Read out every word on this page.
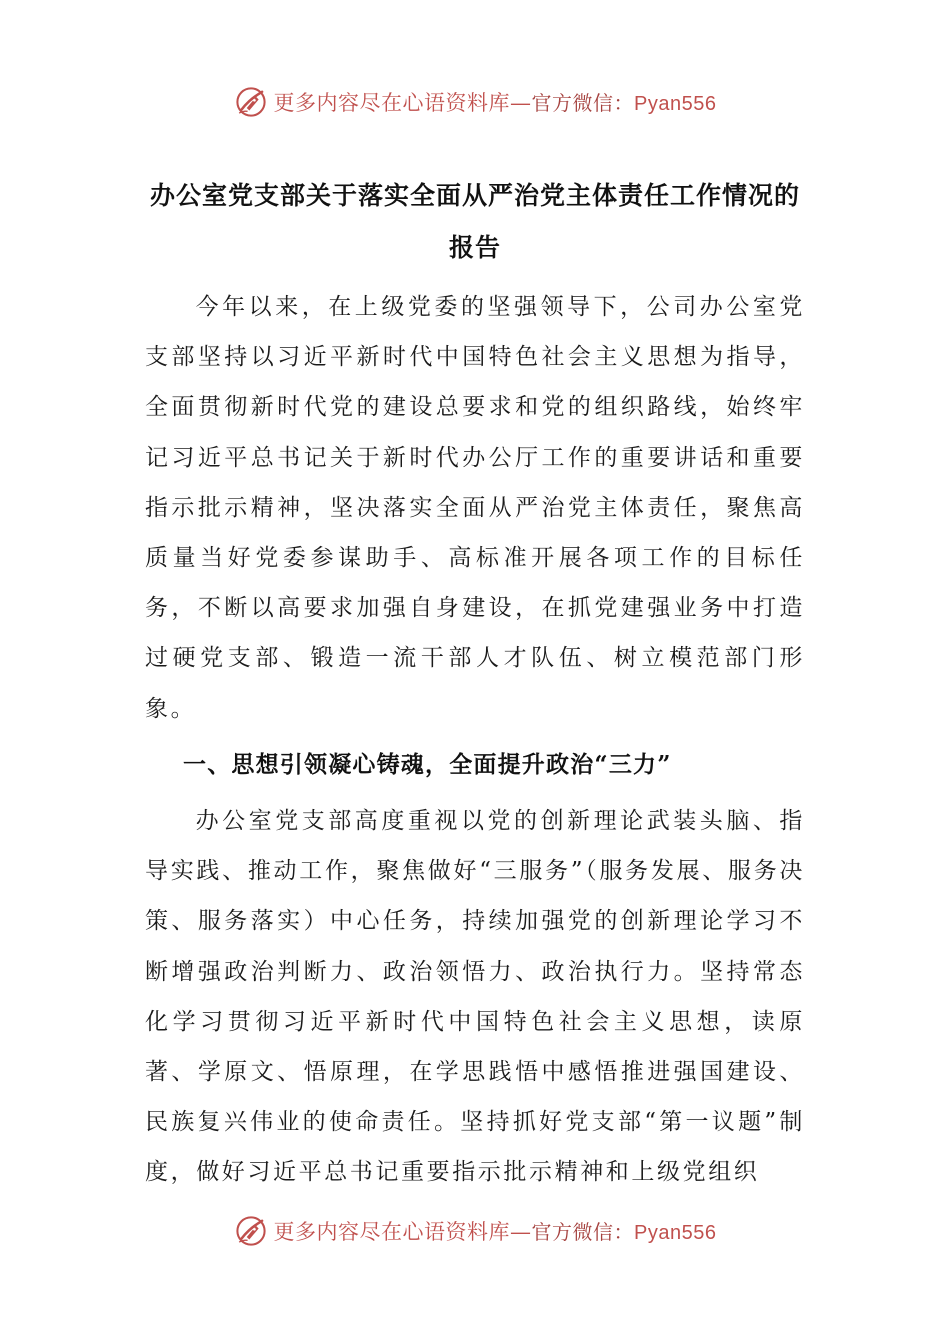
更多内容尽在心语资料库—官方微信：Pyan556
办公室党支部关于落实全面从严治党主体责任工作情况的
报告

今年以来，在上级党委的坚强领导下，公司办公室党支部坚持以习近平新时代中国特色社会主义思想为指导，全面贯彻新时代党的建设总要求和党的组织路线，始终牢记习近平总书记关于新时代办公厅工作的重要讲话和重要指示批示精神，坚决落实全面从严治党主体责任，聚焦高质量当好党委参谋助手、高标准开展各项工作的目标任务，不断以高要求加强自身建设，在抓党建强业务中打造过硬党支部、锻造一流干部人才队伍、树立模范部门形象。

一、思想引领凝心铸魂，全面提升政治“三力”

办公室党支部高度重视以党的创新理论武装头脑、指导实践、推动工作，聚焦做好“三服务”（服务发展、服务决策、服务落实）中心任务，持续加强党的创新理论学习不断增强政治判断力、政治领悟力、政治执行力。坚持常态化学习贯彻习近平新时代中国特色社会主义思想，读原著、学原文、悟原理，在学思践悟中感悟推进强国建设、民族复兴伟业的使命责任。坚持抓好党支部“第一议题”制度，做好习近平总书记重要指示批示精神和上级党组织

更多内容尽在心语资料库—官方微信：Pyan556
